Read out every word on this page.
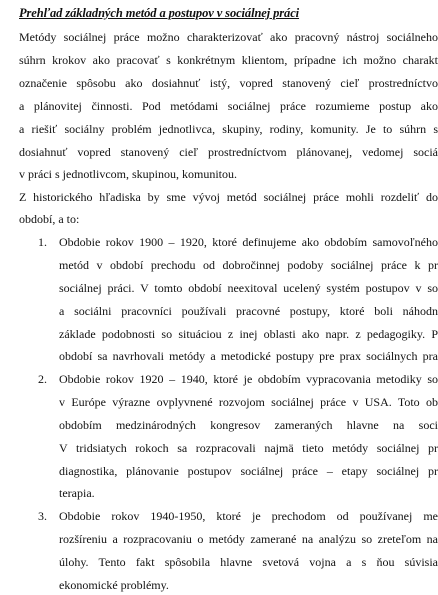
Prehľad základných metód a postupov v sociálnej práci
Metódy sociálnej práce možno charakterizovať ako pracovný nástroj sociálneho
súhrn krokov ako pracovať s konkrétnym klientom, prípadne ich možno charakt
označenie spôsobu ako dosiahnuť istý, vopred stanovený cieľ prostredníctvo
a plánovitej činnosti. Pod metódami sociálnej práce rozumieme postup ako
a riešiť sociálny problém jednotlivca, skupiny, rodiny, komunity. Je to súhrn s
dosiahnuť vopred stanovený cieľ prostredníctvom plánovanej, vedomej sociá
v práci s jednotlivcom, skupinou, komunitou.
Z historického hľadiska by sme vývoj metód sociálnej práce mohli rozdeliť do
období, a to:
1. Obdobie rokov 1900 – 1920, ktoré definujeme ako obdobím samovoľného
metód v období prechodu od dobročinnej podoby sociálnej práce k pr
sociálnej práci. V tomto období neexitoval ucelený systém postupov v so
a sociálni pracovníci používali pracovné postupy, ktoré boli náhodn
základe podobnosti so situáciou z inej oblasti ako napr. z pedagogiky. P
období sa navrhovali metódy a metodické postupy pre prax sociálnych pra
2. Obdobie rokov 1920 – 1940, ktoré je obdobím vypracovania metodiky so
v Európe výrazne ovplyvnené rozvojom sociálnej práce v USA. Toto ob
obdobím medzinárodných kongresov zameraných hlavne na soci
V tridsiatych rokoch sa rozpracovali najmä tieto metódy sociálnej pr
diagnostika, plánovanie postupov sociálnej práce – etapy sociálnej pr
terapia.
3. Obdobie rokov 1940-1950, ktoré je prechodom od používanej me
rozšíreniu a rozpracovaniu o metódy zamerané na analýzu so zreteľom na
úlohy. Tento fakt spôsobila hlavne svetová vojna a s ňou súvisia
ekonomické problémy.
